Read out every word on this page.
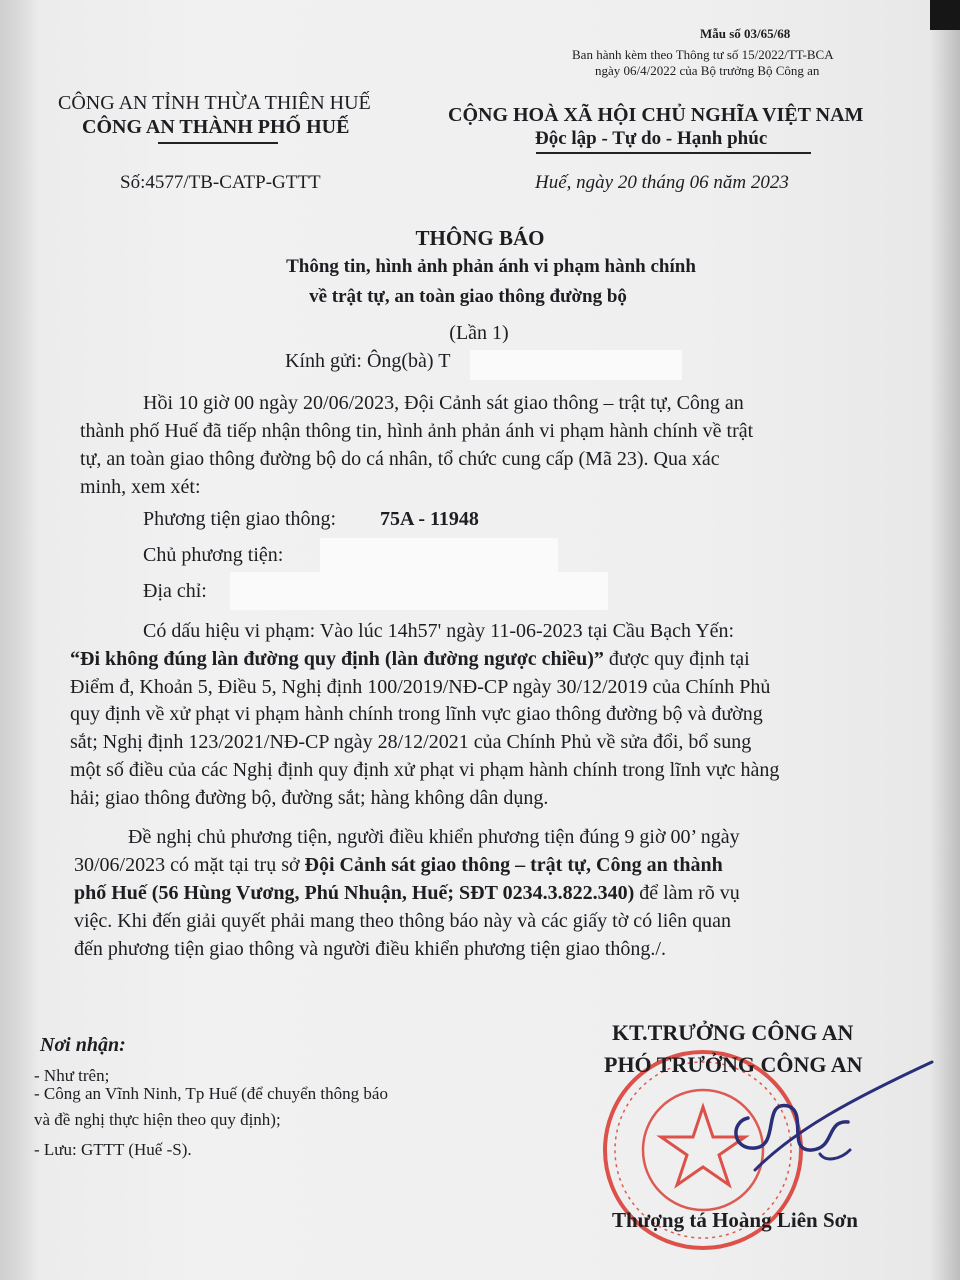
Mẫu số 03/65/68
Ban hành kèm theo Thông tư số 15/2022/TT-BCA
ngày 06/4/2022 của Bộ trưởng Bộ Công an
CÔNG AN TỈNH THỪA THIÊN HUẾ
CÔNG AN THÀNH PHỐ HUẾ
Số:4577/TB-CATP-GTTT
CỘNG HOÀ XÃ HỘI CHỦ NGHĨA VIỆT NAM
Độc lập - Tự do - Hạnh phúc
Huế, ngày 20 tháng 06 năm 2023
THÔNG BÁO
Thông tin, hình ảnh phản ánh vi phạm hành chính
về trật tự, an toàn giao thông đường bộ
(Lần 1)
Kính gửi: Ông(bà) T
Hồi 10 giờ 00 ngày 20/06/2023, Đội Cảnh sát giao thông – trật tự, Công an
thành phố Huế đã tiếp nhận thông tin, hình ảnh phản ánh vi phạm hành chính về trật
tự, an toàn giao thông đường bộ do cá nhân, tổ chức cung cấp (Mã 23). Qua xác
minh, xem xét:
Phương tiện giao thông: 75A - 11948
Chủ phương tiện:
Địa chỉ:
Có dấu hiệu vi phạm: Vào lúc 14h57' ngày 11-06-2023 tại Cầu Bạch Yến:
“Đi không đúng làn đường quy định (làn đường ngược chiều)” được quy định tại
Điểm đ, Khoản 5, Điều 5, Nghị định 100/2019/NĐ-CP ngày 30/12/2019 của Chính Phủ
quy định về xử phạt vi phạm hành chính trong lĩnh vực giao thông đường bộ và đường
sắt; Nghị định 123/2021/NĐ-CP ngày 28/12/2021 của Chính Phủ về sửa đổi, bổ sung
một số điều của các Nghị định quy định xử phạt vi phạm hành chính trong lĩnh vực hàng
hải; giao thông đường bộ, đường sắt; hàng không dân dụng.
Đề nghị chủ phương tiện, người điều khiển phương tiện đúng 9 giờ 00’ ngày
30/06/2023 có mặt tại trụ sở Đội Cảnh sát giao thông – trật tự, Công an thành
phố Huế (56 Hùng Vương, Phú Nhuận, Huế; SĐT 0234.3.822.340) để làm rõ vụ
việc. Khi đến giải quyết phải mang theo thông báo này và các giấy tờ có liên quan
đến phương tiện giao thông và người điều khiển phương tiện giao thông./.
Nơi nhận:
- Như trên;
- Công an Vĩnh Ninh, Tp Huế (để chuyển thông báo
và đề nghị thực hiện theo quy định);
- Lưu: GTTT (Huế -S).
KT.TRƯỞNG CÔNG AN
PHÓ TRƯỞNG CÔNG AN
Thượng tá Hoàng Liên Sơn
